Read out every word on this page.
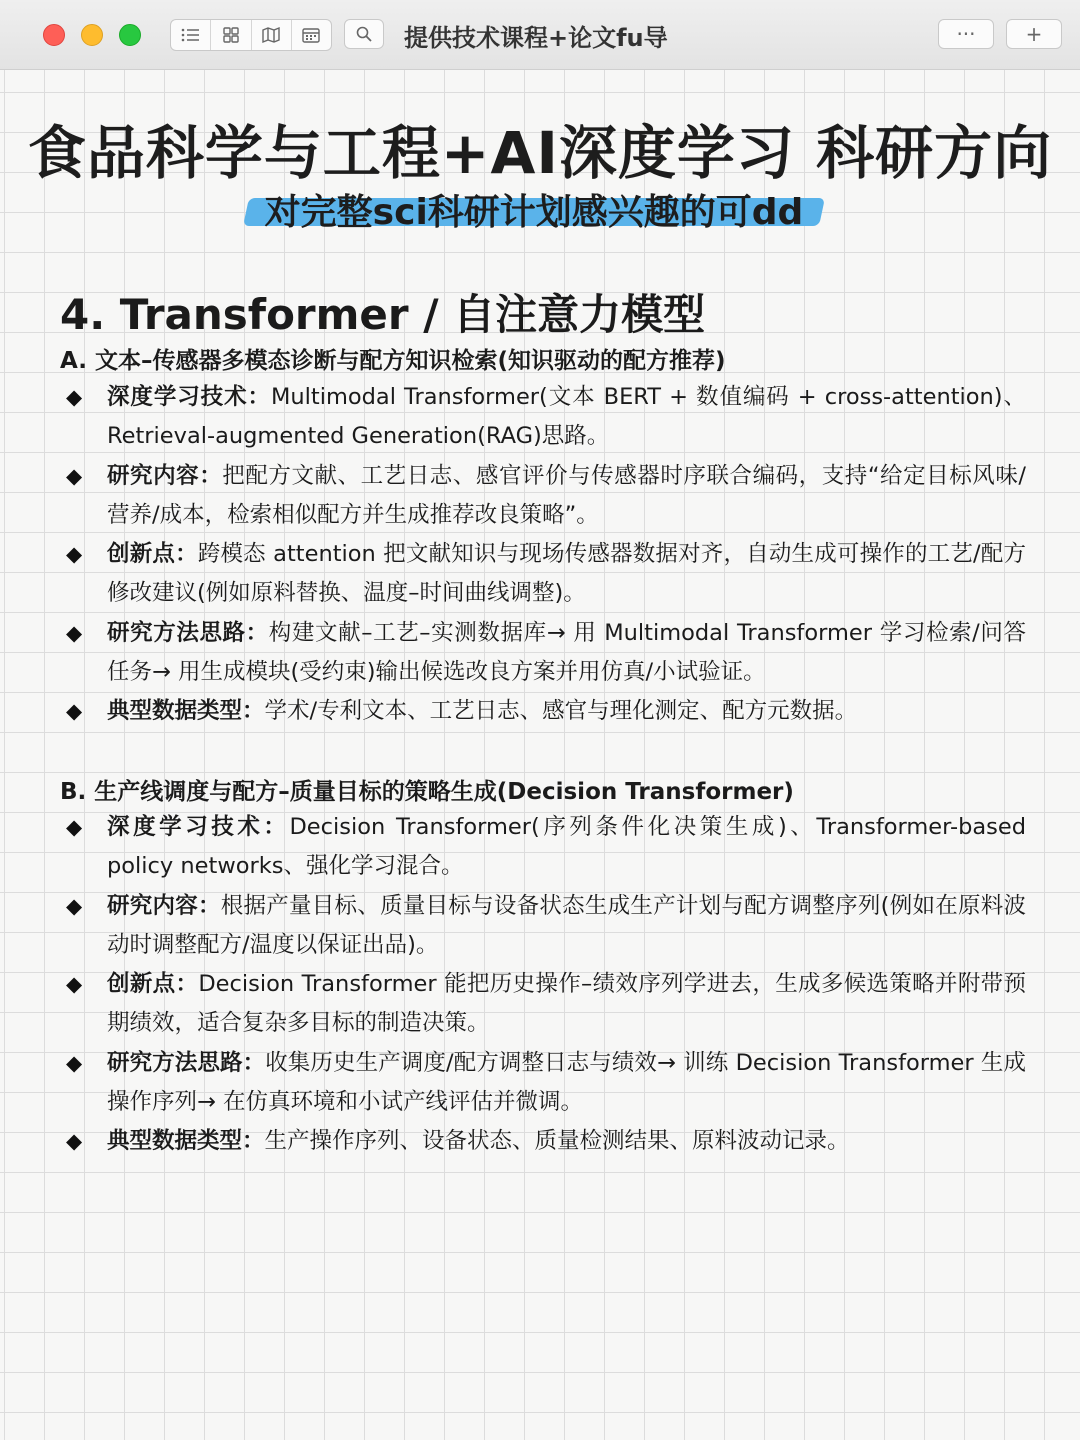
提供技术课程+论文fu导	···	+
食品科学与工程+AI深度学习 科研方向
对完整sci科研计划感兴趣的可dd
4. Transformer / 自注意力模型
A. 文本–传感器多模态诊断与配方知识检索(知识驱动的配方推荐)
◆ 深度学习技术：Multimodal Transformer(文本 BERT + 数值编码 + cross-attention)、Retrieval-augmented Generation(RAG)思路。
◆ 研究内容：把配方文献、工艺日志、感官评价与传感器时序联合编码，支持“给定目标风味/营养/成本，检索相似配方并生成推荐改良策略”。
◆ 创新点：跨模态 attention 把文献知识与现场传感器数据对齐，自动生成可操作的工艺/配方修改建议(例如原料替换、温度–时间曲线调整)。
◆ 研究方法思路：构建文献–工艺–实测数据库→ 用 Multimodal Transformer 学习检索/问答任务→ 用生成模块(受约束)输出候选改良方案并用仿真/小试验证。
◆ 典型数据类型：学术/专利文本、工艺日志、感官与理化测定、配方元数据。
B. 生产线调度与配方–质量目标的策略生成(Decision Transformer)
◆ 深度学习技术：Decision Transformer(序列条件化决策生成)、Transformer-based policy networks、强化学习混合。
◆ 研究内容：根据产量目标、质量目标与设备状态生成生产计划与配方调整序列(例如在原料波动时调整配方/温度以保证出品)。
◆ 创新点：Decision Transformer 能把历史操作–绩效序列学进去，生成多候选策略并附带预期绩效，适合复杂多目标的制造决策。
◆ 研究方法思路：收集历史生产调度/配方调整日志与绩效→ 训练 Decision Transformer 生成操作序列→ 在仿真环境和小试产线评估并微调。
◆ 典型数据类型：生产操作序列、设备状态、质量检测结果、原料波动记录。
